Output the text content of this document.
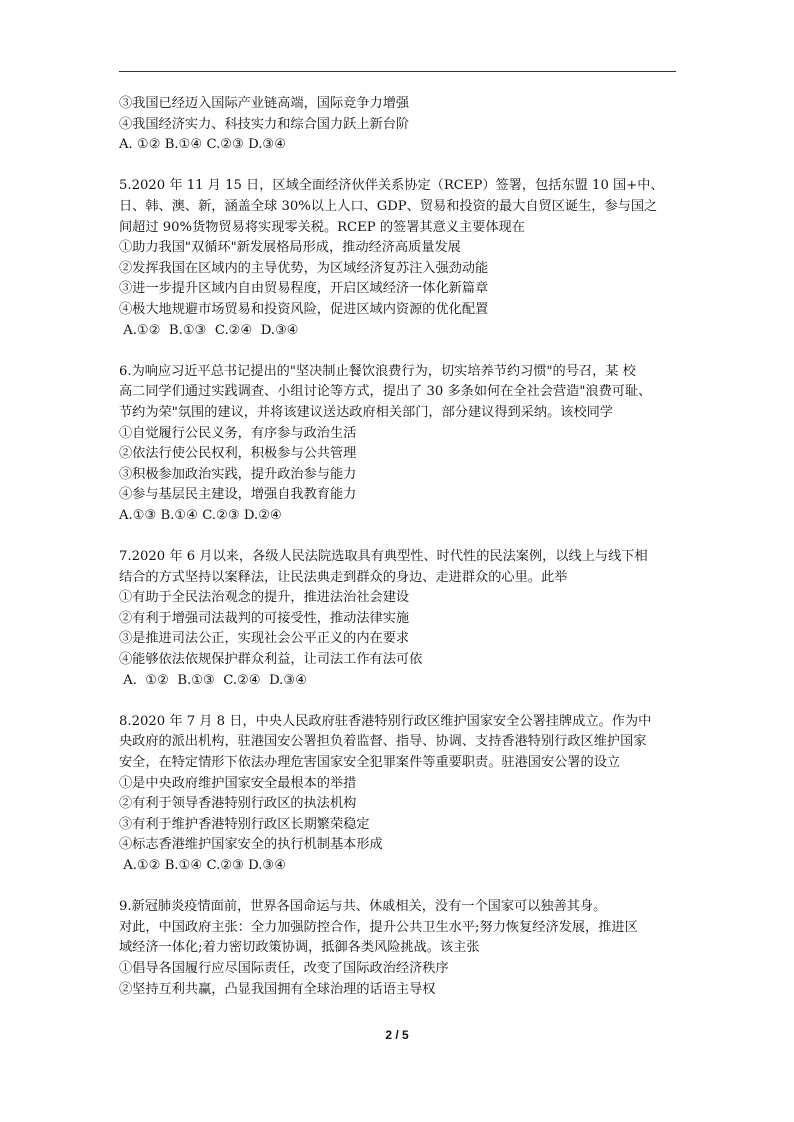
③我国已经迈入国际产业链高端，国际竞争力增强
④我国经济实力、科技实力和综合国力跃上新台阶
A. ①② B.①④ C.②③ D.③④
5.2020 年 11 月 15 日，区域全面经济伙伴关系协定（RCEP）签署，包括东盟 10 国+中、
日、韩、澳、新，涵盖全球 30%以上人口、GDP、贸易和投资的最大自贸区诞生，参与国之
间超过 90%货物贸易将实现零关税。RCEP 的签署其意义主要体现在
①助力我国"双循环"新发展格局形成，推动经济高质量发展
②发挥我国在区域内的主导优势，为区域经济复苏注入强劲动能
③进一步提升区域内自由贸易程度，开启区域经济一体化新篇章
④极大地规避市场贸易和投资风险，促进区域内资源的优化配置
A.①②  B.①③  C.②④  D.③④
6.为响应习近平总书记提出的"坚决制止餐饮浪费行为，切实培养节约习惯"的号召，某 校
高二同学们通过实践调查、小组讨论等方式，提出了 30 多条如何在全社会营造"浪费可耻、
节约为荣"氛围的建议，并将该建议送达政府相关部门，部分建议得到采纳。该校同学
①自觉履行公民义务，有序参与政治生活
②依法行使公民权利，积极参与公共管理
③积极参加政治实践，提升政治参与能力
④参与基层民主建设，增强自我教育能力
A.①③ B.①④ C.②③ D.②④
7.2020 年 6 月以来，各级人民法院选取具有典型性、时代性的民法案例，以线上与线下相
结合的方式坚持以案释法，让民法典走到群众的身边、走进群众的心里。此举
①有助于全民法治观念的提升，推进法治社会建设
②有利于增强司法裁判的可接受性，推动法律实施
③是推进司法公正，实现社会公平正义的内在要求
④能够依法依规保护群众利益，让司法工作有法可依
A.  ①②  B.①③  C.②④  D.③④
8.2020 年 7 月 8 日，中央人民政府驻香港特别行政区维护国家安全公署挂牌成立。作为中
央政府的派出机构，驻港国安公署担负着监督、指导、协调、支持香港特别行政区维护国家
安全，在特定情形下依法办理危害国家安全犯罪案件等重要职责。驻港国安公署的设立
①是中央政府维护国家安全最根本的举措
②有利于领导香港特别行政区的执法机构
③有利于维护香港特别行政区长期繁荣稳定
④标志香港维护国家安全的执行机制基本形成
A.①② B.①④ C.②③ D.③④
9.新冠肺炎疫情面前，世界各国命运与共、休戚相关，没有一个国家可以独善其身。
对此，中国政府主张：全力加强防控合作，提升公共卫生水平;努力恢复经济发展，推进区
域经济一体化;着力密切政策协调，抵御各类风险挑战。该主张
①倡导各国履行应尽国际责任，改变了国际政治经济秩序
②坚持互利共赢，凸显我国拥有全球治理的话语主导权
2 / 5
